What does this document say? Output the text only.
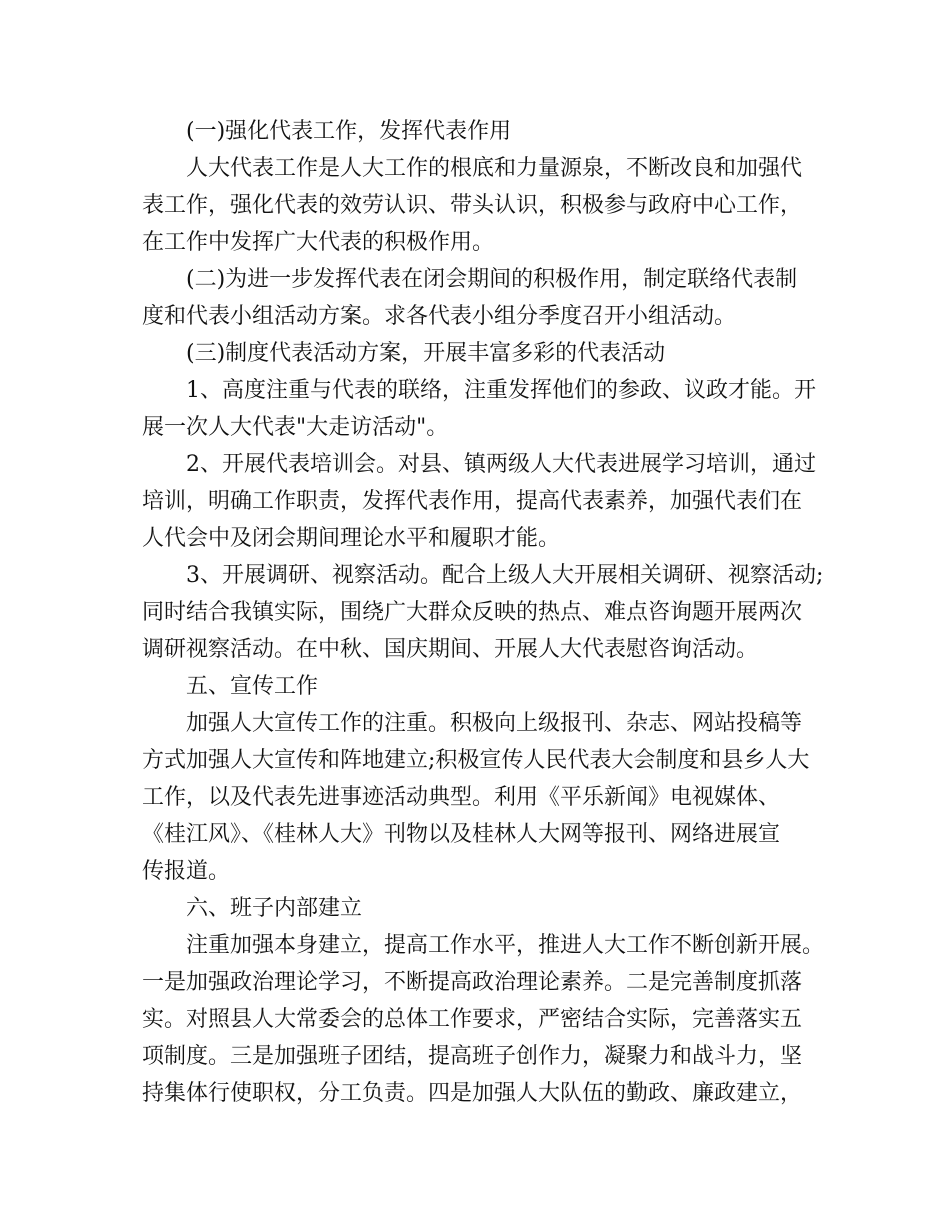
(一)强化代表工作，发挥代表作用
人大代表工作是人大工作的根底和力量源泉，不断改良和加强代
表工作，强化代表的效劳认识、带头认识，积极参与政府中心工作，
在工作中发挥广大代表的积极作用。
(二)为进一步发挥代表在闭会期间的积极作用，制定联络代表制
度和代表小组活动方案。求各代表小组分季度召开小组活动。
(三)制度代表活动方案，开展丰富多彩的代表活动
1、高度注重与代表的联络，注重发挥他们的参政、议政才能。开
展一次人大代表"大走访活动"。
2、开展代表培训会。对县、镇两级人大代表进展学习培训，通过
培训，明确工作职责，发挥代表作用，提高代表素养，加强代表们在
人代会中及闭会期间理论水平和履职才能。
3、开展调研、视察活动。配合上级人大开展相关调研、视察活动;
同时结合我镇实际，围绕广大群众反映的热点、难点咨询题开展两次
调研视察活动。在中秋、国庆期间、开展人大代表慰咨询活动。
五、宣传工作
加强人大宣传工作的注重。积极向上级报刊、杂志、网站投稿等
方式加强人大宣传和阵地建立;积极宣传人民代表大会制度和县乡人大
工作，以及代表先进事迹活动典型。利用《平乐新闻》电视媒体、
《桂江风》、《桂林人大》刊物以及桂林人大网等报刊、网络进展宣
传报道。
六、班子内部建立
注重加强本身建立，提高工作水平，推进人大工作不断创新开展。
一是加强政治理论学习，不断提高政治理论素养。二是完善制度抓落
实。对照县人大常委会的总体工作要求，严密结合实际，完善落实五
项制度。三是加强班子团结，提高班子创作力，凝聚力和战斗力，坚
持集体行使职权，分工负责。四是加强人大队伍的勤政、廉政建立，
